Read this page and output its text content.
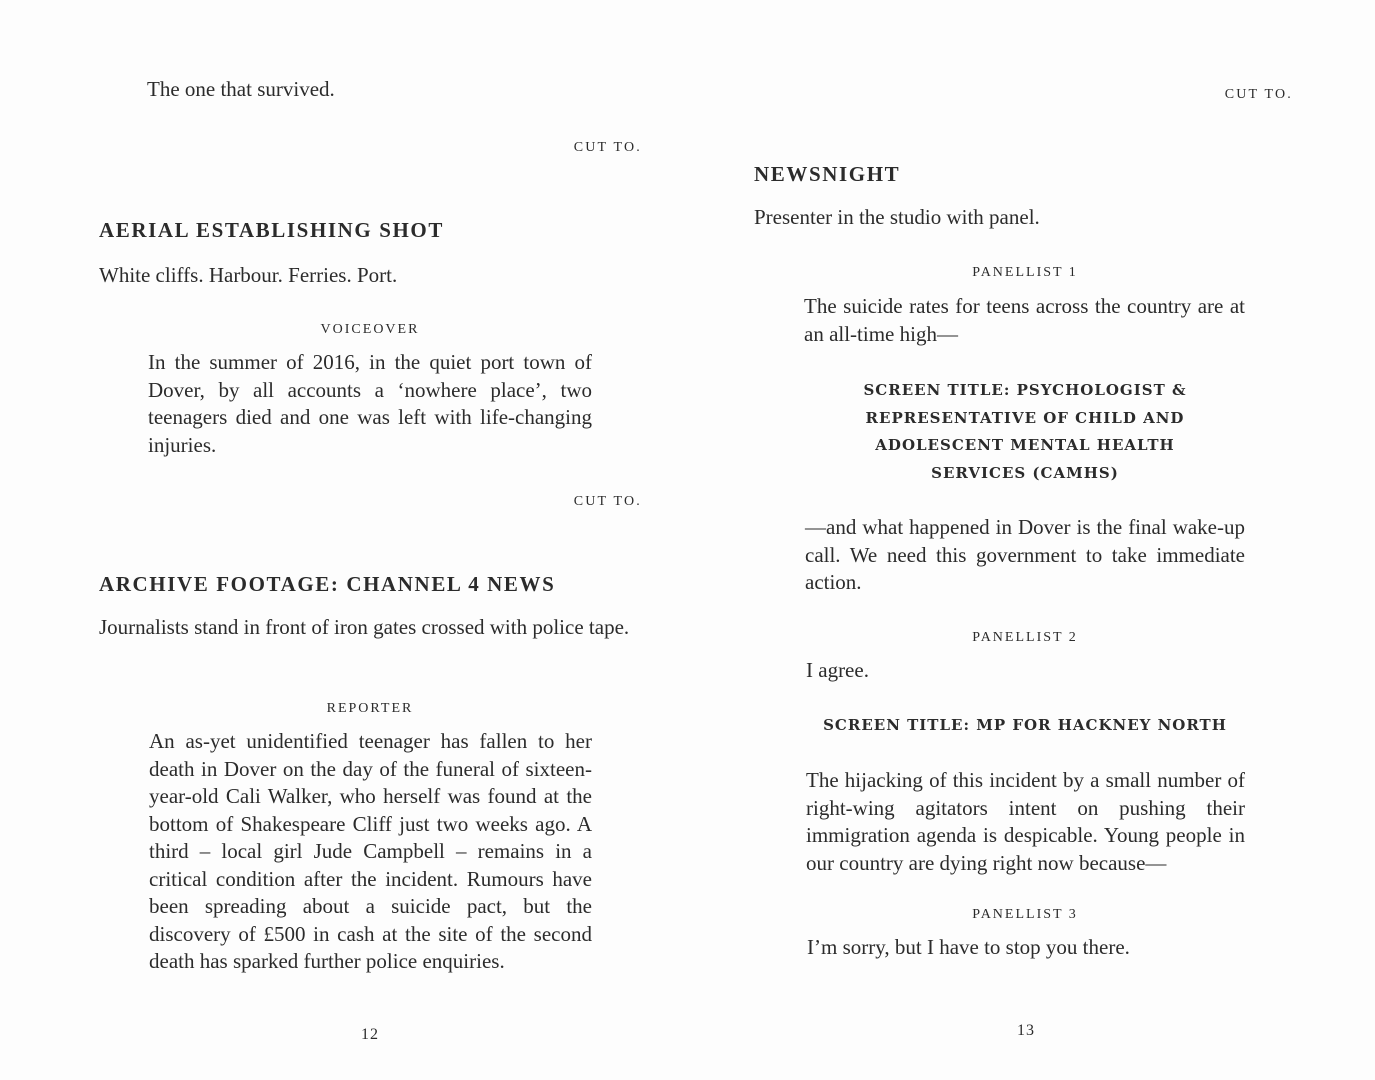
The one that survived.

CUT TO.

AERIAL ESTABLISHING SHOT

White cliffs. Harbour. Ferries. Port.

VOICEOVER

In the summer of 2016, in the quiet port town of Dover, by all accounts a ‘nowhere place’, two teenagers died and one was left with life-changing injuries.

CUT TO.

ARCHIVE FOOTAGE: CHANNEL 4 NEWS

Journalists stand in front of iron gates crossed with police tape.

REPORTER

An as-yet unidentified teenager has fallen to her death in Dover on the day of the funeral of sixteen-year-old Cali Walker, who herself was found at the bottom of Shakespeare Cliff just two weeks ago. A third – local girl Jude Campbell – remains in a critical condition after the incident. Rumours have been spreading about a suicide pact, but the discovery of £500 in cash at the site of the second death has sparked further police enquiries.

12

CUT TO.

NEWSNIGHT

Presenter in the studio with panel.

PANELLIST 1

The suicide rates for teens across the country are at an all-time high—

SCREEN TITLE: PSYCHOLOGIST & REPRESENTATIVE OF CHILD AND ADOLESCENT MENTAL HEALTH SERVICES (CAMHS)

—and what happened in Dover is the final wake-up call. We need this government to take immediate action.

PANELLIST 2

I agree.

SCREEN TITLE: MP FOR HACKNEY NORTH

The hijacking of this incident by a small number of right-wing agitators intent on pushing their immigration agenda is despicable. Young people in our country are dying right now because—

PANELLIST 3

I’m sorry, but I have to stop you there.

13
